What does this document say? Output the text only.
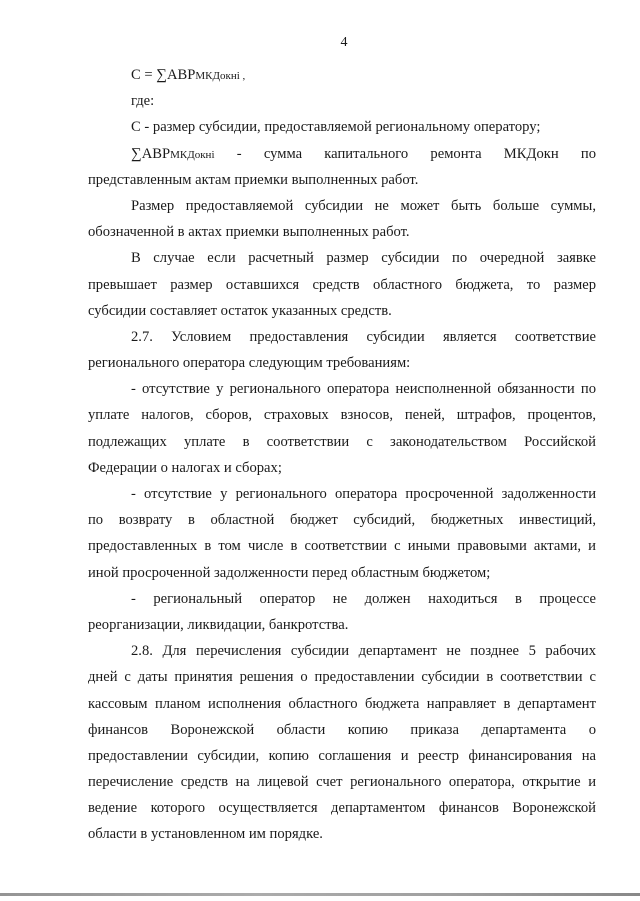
4
С = ∑АВРМКДокнi ,
где:
С - размер субсидии, предоставляемой региональному оператору;
∑АВРМКДокнi - сумма капитального ремонта МКДокн по
представленным актам приемки выполненных работ.
Размер предоставляемой субсидии не может быть больше суммы,
обозначенной в актах приемки выполненных работ.
В случае если расчетный размер субсидии по очередной заявке
превышает размер оставшихся средств областного бюджета, то размер
субсидии составляет остаток указанных средств.
2.7. Условием предоставления субсидии является соответствие
регионального оператора следующим требованиям:
- отсутствие у регионального оператора неисполненной обязанности по
уплате налогов, сборов, страховых взносов, пеней, штрафов, процентов,
подлежащих уплате в соответствии с законодательством Российской
Федерации о налогах и сборах;
- отсутствие у регионального оператора просроченной задолженности
по возврату в областной бюджет субсидий, бюджетных инвестиций,
предоставленных в том числе в соответствии с иными правовыми актами, и
иной просроченной задолженности перед областным бюджетом;
- региональный оператор не должен находиться в процессе
реорганизации, ликвидации, банкротства.
2.8. Для перечисления субсидии департамент не позднее 5 рабочих
дней с даты принятия решения о предоставлении субсидии в соответствии с
кассовым планом исполнения областного бюджета направляет в департамент
финансов Воронежской области копию приказа департамента о
предоставлении субсидии, копию соглашения и реестр финансирования на
перечисление средств на лицевой счет регионального оператора, открытие и
ведение которого осуществляется департаментом финансов Воронежской
области в установленном им порядке.
